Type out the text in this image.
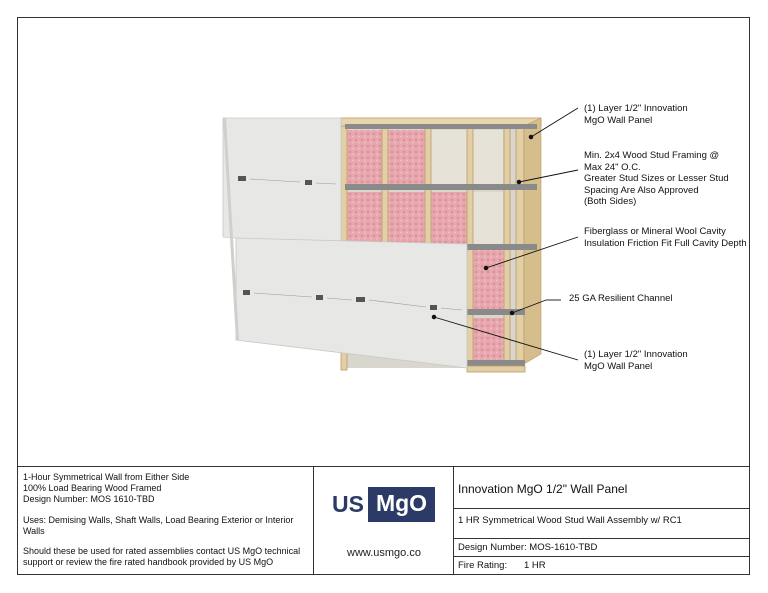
(1) Layer 1/2" Innovation
MgO Wall Panel
Min. 2x4 Wood Stud Framing @
Max 24" O.C.
Greater Stud Sizes or Lesser Stud
Spacing Are Also Approved
(Both Sides)
Fiberglass or Mineral Wool Cavity
Insulation Friction Fit Full Cavity Depth
25 GA Resilient Channel
(1) Layer 1/2" Innovation
MgO Wall Panel

1-Hour Symmetrical Wall from Either Side

100% Load Bearing Wood Framed

Design Number: MOS 1610-TBD

Uses: Demising Walls, Shaft Walls, Load Bearing Exterior or Interior Walls

Should these be used for rated assemblies contact US MgO technical support or review the fire rated handbook provided by US MgO

US MgO
www.usmgo.co
Innovation MgO 1/2" Wall Panel
1 HR Symmetrical Wood Stud Wall Assembly w/ RC1
Design Number: MOS-1610-TBD
Fire Rating: 1 HR
